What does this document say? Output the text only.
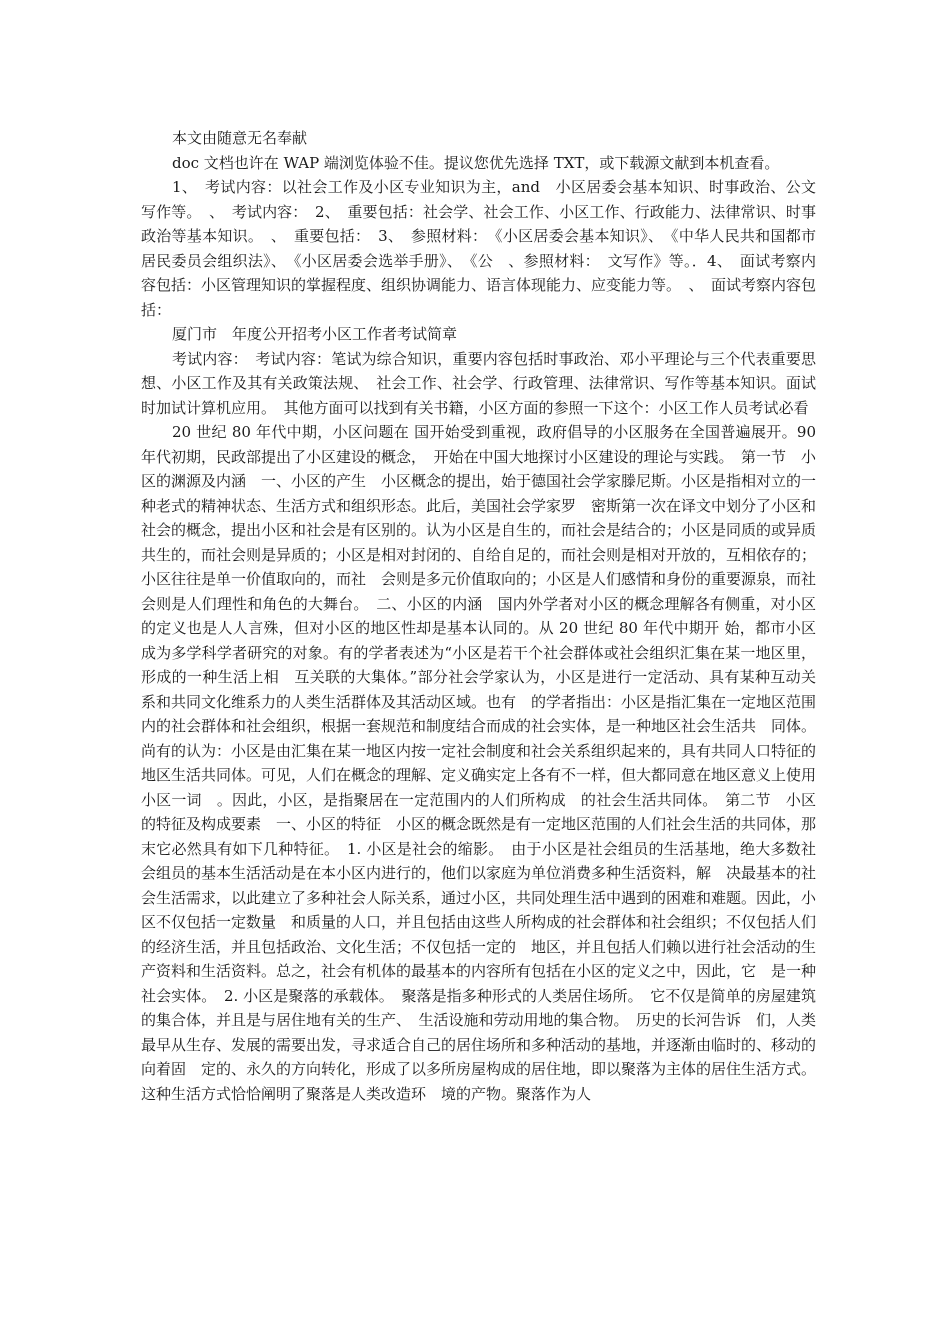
本文由随意无名奉献

doc 文档也许在 WAP 端浏览体验不佳。提议您优先选择 TXT，或下载源文献到本机查看。

1、　考试内容：以社会工作及小区专业知识为主，and　小区居委会基本知识、时事政治、公文写作等。　、　考试内容：　2、　重要包括：社会学、社会工作、小区工作、行政能力、法律常识、时事政治等基本知识。　、　重要包括：　3、　参照材料：　《小区居委会基本知识》、　《中华人民共和国都市居民委员会组织法》、　《小区居委会选举手册》、　《公　、参照材料：　文写作》等。．4、　面试考察内容包括：小区管理知识的掌握程度、组织协调能力、语言体现能力、应变能力等。　、　面试考察内容包括：

厦门市　年度公开招考小区工作者考试简章

考试内容：　考试内容：笔试为综合知识，重要内容包括时事政治、邓小平理论与三个代表重要思想、小区工作及其有关政策法规、　社会工作、社会学、行政管理、法律常识、写作等基本知识。面试时加试计算机应用。　其他方面可以找到有关书籍，小区方面的参照一下这个：小区工作人员考试必看

20 世纪 80 年代中期，小区问题在 国开始受到重视，政府倡导的小区服务在全国普遍展开。90 年代初期，民政部提出了小区建设的概念，　开始在中国大地探讨小区建设的理论与实践。　第一节　小区的渊源及内涵　一、小区的产生　小区概念的提出，始于德国社会学家滕尼斯。小区是指相对立的一种老式的精神状态、生活方式和组织形态。此后，美国社会学家罗　密斯第一次在译文中划分了小区和社会的概念，提出小区和社会是有区别的。认为小区是自生的，而社会是结合的；小区是同质的或异质　共生的，而社会则是异质的；小区是相对封闭的、自给自足的，而社会则是相对开放的，互相依存的；小区往往是单一价值取向的，而社　会则是多元价值取向的；小区是人们感情和身份的重要源泉，而社会则是人们理性和角色的大舞台。　二、小区的内涵　国内外学者对小区的概念理解各有侧重，对小区的定义也是人人言殊，但对小区的地区性却是基本认同的。从 20 世纪 80 年代中期开 始，都市小区成为多学科学者研究的对象。有的学者表述为“小区是若干个社会群体或社会组织汇集在某一地区里，形成的一种生活上相　互关联的大集体。”部分社会学家认为，小区是进行一定活动、具有某种互动关系和共同文化维系力的人类生活群体及其活动区域。也有　的学者指出：小区是指汇集在一定地区范围内的社会群体和社会组织，根据一套规范和制度结合而成的社会实体，是一种地区社会生活共　同体。尚有的认为：小区是由汇集在某一地区内按一定社会制度和社会关系组织起来的，具有共同人口特征的地区生活共同体。可见，人们在概念的理解、定义确实定上各有不一样，但大都同意在地区意义上使用小区一词　。因此，小区，是指聚居在一定范围内的人们所构成　的社会生活共同体。　第二节　小区的特征及构成要素　一、小区的特征　小区的概念既然是有一定地区范围的人们社会生活的共同体，那末它必然具有如下几种特征。　1. 小区是社会的缩影。　由于小区是社会组员的生活基地，绝大多数社会组员的基本生活活动是在本小区内进行的，他们以家庭为单位消费多种生活资料，解　决最基本的社会生活需求，以此建立了多种社会人际关系，通过小区，共同处理生活中遇到的困难和难题。因此，小区不仅包括一定数量　和质量的人口，并且包括由这些人所构成的社会群体和社会组织；不仅包括人们的经济生活，并且包括政治、文化生活；不仅包括一定的　地区，并且包括人们赖以进行社会活动的生产资料和生活资料。总之，社会有机体的最基本的内容所有包括在小区的定义之中，因此，它　是一种社会实体。　2. 小区是聚落的承载体。　聚落是指多种形式的人类居住场所。　它不仅是简单的房屋建筑的集合体，并且是与居住地有关的生产、　生活设施和劳动用地的集合物。　历史的长河告诉　们，人类最早从生存、发展的需要出发，寻求适合自己的居住场所和多种活动的基地，并逐渐由临时的、移动的向着固　定的、永久的方向转化，形成了以多所房屋构成的居住地，即以聚落为主体的居住生活方式。这种生活方式恰恰阐明了聚落是人类改造环　境的产物。聚落作为人
